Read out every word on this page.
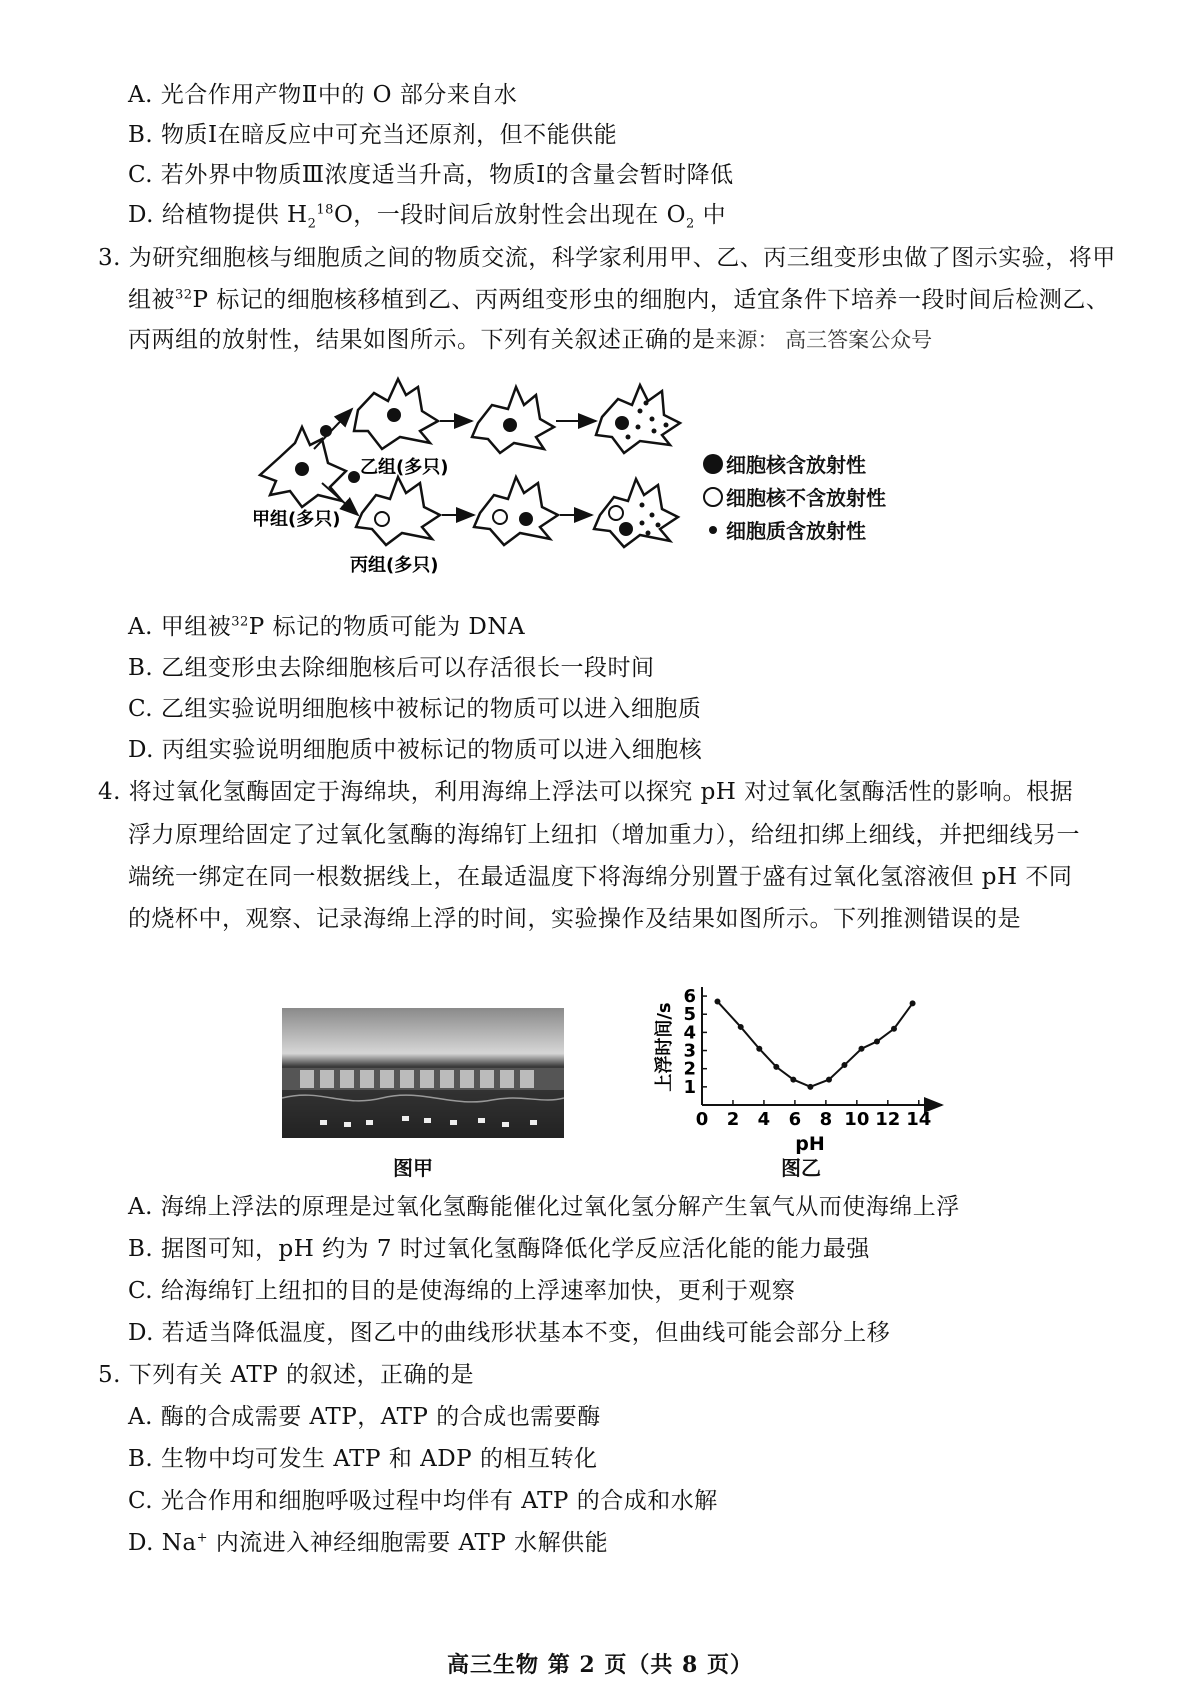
A. 光合作用产物Ⅱ中的 O 部分来自水
B. 物质Ⅰ在暗反应中可充当还原剂，但不能供能
C. 若外界中物质Ⅲ浓度适当升高，物质Ⅰ的含量会暂时降低
D. 给植物提供 $H_2^{18}O$，一段时间后放射性会出现在 $O_2$ 中
3. 为研究细胞核与细胞质之间的物质交流，科学家利用甲、乙、丙三组变形虫做了图示实验，将甲
组被$^{32}$P 标记的细胞核移植到乙、丙两组变形虫的细胞内，适宜条件下培养一段时间后检测乙、
丙两组的放射性，结果如图所示。下列有关叙述正确的是来源： 高三答案公众号
乙组(多只)
甲组(多只)
丙组(多只)
细胞核含放射性
细胞核不含放射性
细胞质含放射性
A. 甲组被$^{32}$P 标记的物质可能为 DNA
B. 乙组变形虫去除细胞核后可以存活很长一段时间
C. 乙组实验说明细胞核中被标记的物质可以进入细胞质
D. 丙组实验说明细胞质中被标记的物质可以进入细胞核
4. 将过氧化氢酶固定于海绵块，利用海绵上浮法可以探究 pH 对过氧化氢酶活性的影响。根据
浮力原理给固定了过氧化氢酶的海绵钉上纽扣（增加重力），给纽扣绑上细线，并把细线另一
端统一绑定在同一根数据线上，在最适温度下将海绵分别置于盛有过氧化氢溶液但 pH 不同
的烧杯中，观察、记录海绵上浮的时间，实验操作及结果如图所示。下列推测错误的是
图甲
0 2 4 6 8 10 12 14
1
2
3
4
5
6
pH
上浮时间/s
图乙
A. 海绵上浮法的原理是过氧化氢酶能催化过氧化氢分解产生氧气从而使海绵上浮
B. 据图可知，pH 约为 7 时过氧化氢酶降低化学反应活化能的能力最强
C. 给海绵钉上纽扣的目的是使海绵的上浮速率加快，更利于观察
D. 若适当降低温度，图乙中的曲线形状基本不变，但曲线可能会部分上移
5. 下列有关 ATP 的叙述，正确的是
A. 酶的合成需要 ATP，ATP 的合成也需要酶
B. 生物中均可发生 ATP 和 ADP 的相互转化
C. 光合作用和细胞呼吸过程中均伴有 ATP 的合成和水解
D. Na+ 内流进入神经细胞需要 ATP 水解供能
高三生物 第 2 页（共 8 页）
